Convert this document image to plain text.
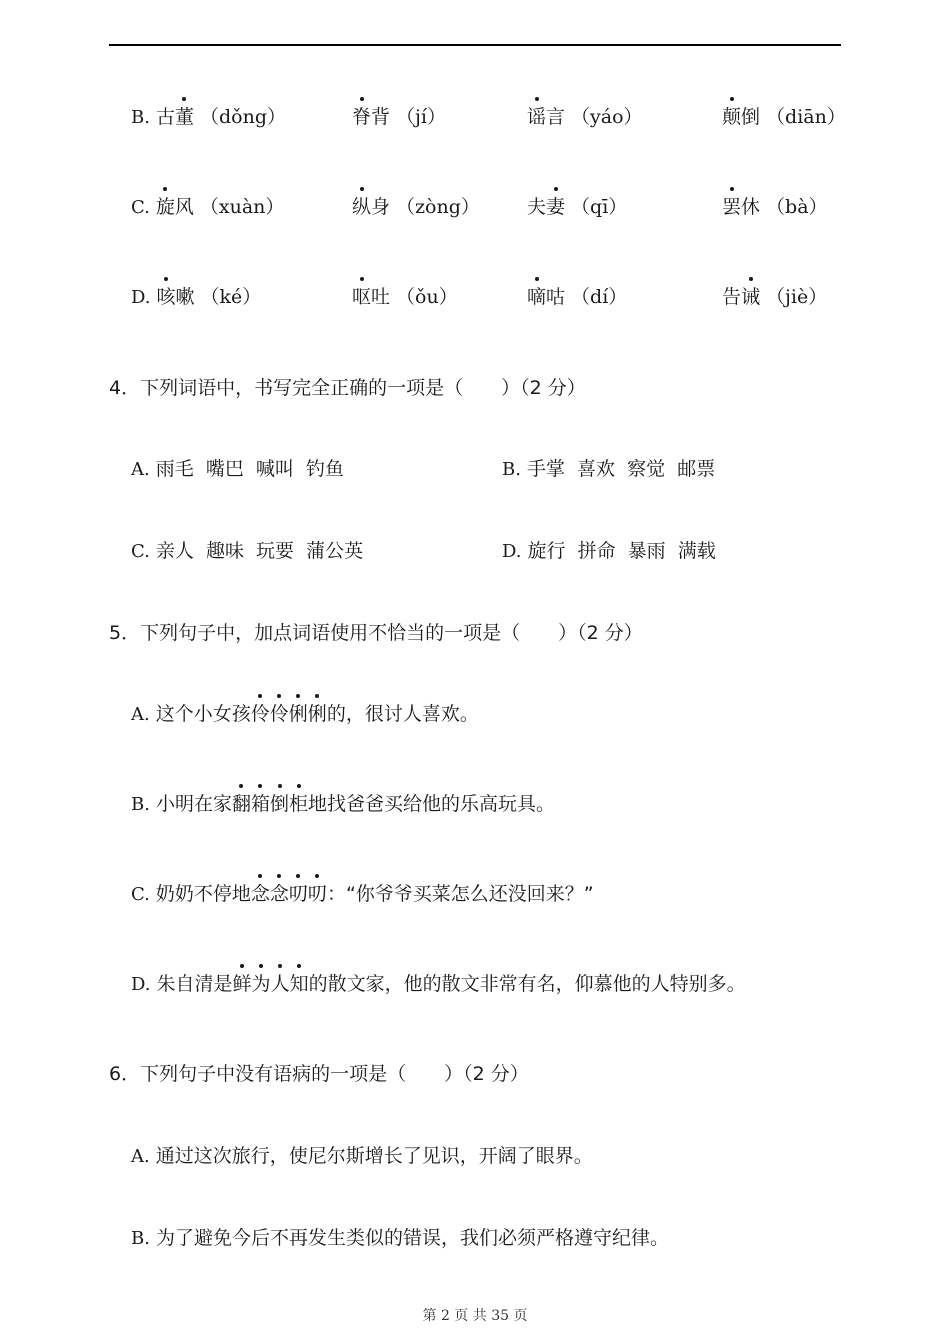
B. 古董 （dǒng）	脊背 （jí）	谣言 （yáo）	颠倒 （diān）
C. 旋风 （xuàn）	纵身 （zòng） 夫妻 （qī）	罢休 （bà）
D. 咳嗽 （ké）	呕吐 （ǒu）	嘀咕 （dí）	告诫 （jiè）
4．下列词语中，书写完全正确的一项是（　　）（2 分）
A. 雨毛  嘴巴  喊叫  钓鱼	B. 手掌  喜欢  察觉  邮票
C. 亲人  趣味  玩要  蒲公英	D. 旋行  拼命  暴雨  满载
5．下列句子中，加点词语使用不恰当的一项是（　　）（2 分）
A. 这个小女孩伶伶俐俐的，很讨人喜欢。
B. 小明在家翻箱倒柜地找爸爸买给他的乐高玩具。
C. 奶奶不停地念念叨叨：“你爷爷买菜怎么还没回来？”
D. 朱自清是鲜为人知的散文家，他的散文非常有名，仰慕他的人特别多。
6．下列句子中没有语病的一项是（　　）（2 分）
A. 通过这次旅行，使尼尔斯增长了见识，开阔了眼界。
B. 为了避免今后不再发生类似的错误，我们必须严格遵守纪律。
第 2 页 共 35 页
